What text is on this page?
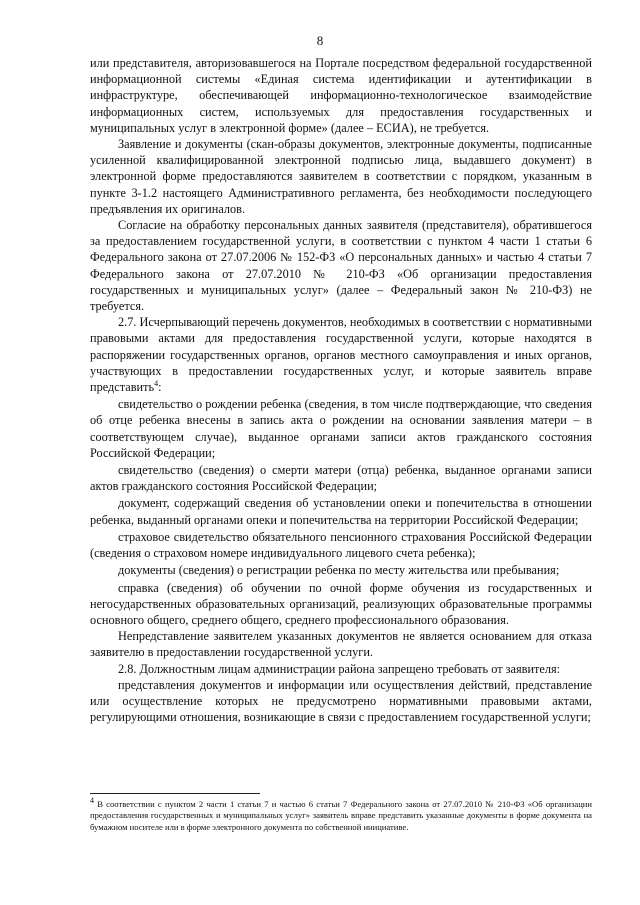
8

или представителя, авторизовавшегося на Портале посредством федеральной государственной информационной системы «Единая система идентификации и аутентификации в инфраструктуре, обеспечивающей информационно-технологическое взаимодействие информационных систем, используемых для предоставления государственных и муниципальных услуг в электронной форме» (далее – ЕСИА), не требуется.

Заявление и документы (скан-образы документов, электронные документы, подписанные усиленной квалифицированной электронной подписью лица, выдавшего документ) в электронной форме предоставляются заявителем в соответствии с порядком, указанным в пункте 3-1.2 настоящего Административного регламента, без необходимости последующего предъявления их оригиналов.

Согласие на обработку персональных данных заявителя (представителя), обратившегося за предоставлением государственной услуги, в соответствии с пунктом 4 части 1 статьи 6 Федерального закона от 27.07.2006 № 152-ФЗ «О персональных данных» и частью 4 статьи 7 Федерального закона от 27.07.2010 № 210-ФЗ «Об организации предоставления государственных и муниципальных услуг» (далее – Федеральный закон № 210-ФЗ) не требуется.

2.7. Исчерпывающий перечень документов, необходимых в соответствии с нормативными правовыми актами для предоставления государственной услуги, которые находятся в распоряжении государственных органов, органов местного самоуправления и иных органов, участвующих в предоставлении государственных услуг, и которые заявитель вправе представить$^4$:

свидетельство о рождении ребенка (сведения, в том числе подтверждающие, что сведения об отце ребенка внесены в запись акта о рождении на основании заявления матери – в соответствующем случае), выданное органами записи актов гражданского состояния Российской Федерации;

свидетельство (сведения) о смерти матери (отца) ребенка, выданное органами записи актов гражданского состояния Российской Федерации;

документ, содержащий сведения об установлении опеки и попечительства в отношении ребенка, выданный органами опеки и попечительства на территории Российской Федерации;

страховое свидетельство обязательного пенсионного страхования Российской Федерации (сведения о страховом номере индивидуального лицевого счета ребенка);

документы (сведения) о регистрации ребенка по месту жительства или пребывания;

справка (сведения) об обучении по очной форме обучения из государственных и негосударственных образовательных организаций, реализующих образовательные программы основного общего, среднего общего, среднего профессионального образования.

Непредставление заявителем указанных документов не является основанием для отказа заявителю в предоставлении государственной услуги.

2.8. Должностным лицам администрации района запрещено требовать от заявителя:

представления документов и информации или осуществления действий, представление или осуществление которых не предусмотрено нормативными правовыми актами, регулирующими отношения, возникающие в связи с предоставлением государственной услуги;

$^4$ В соответствии с пунктом 2 части 1 статьи 7 и частью 6 статьи 7 Федерального закона от 27.07.2010 № 210-ФЗ «Об организации предоставления государственных и муниципальных услуг» заявитель вправе представить указанные документы в форме документа на бумажном носителе или в форме электронного документа по собственной инициативе.
